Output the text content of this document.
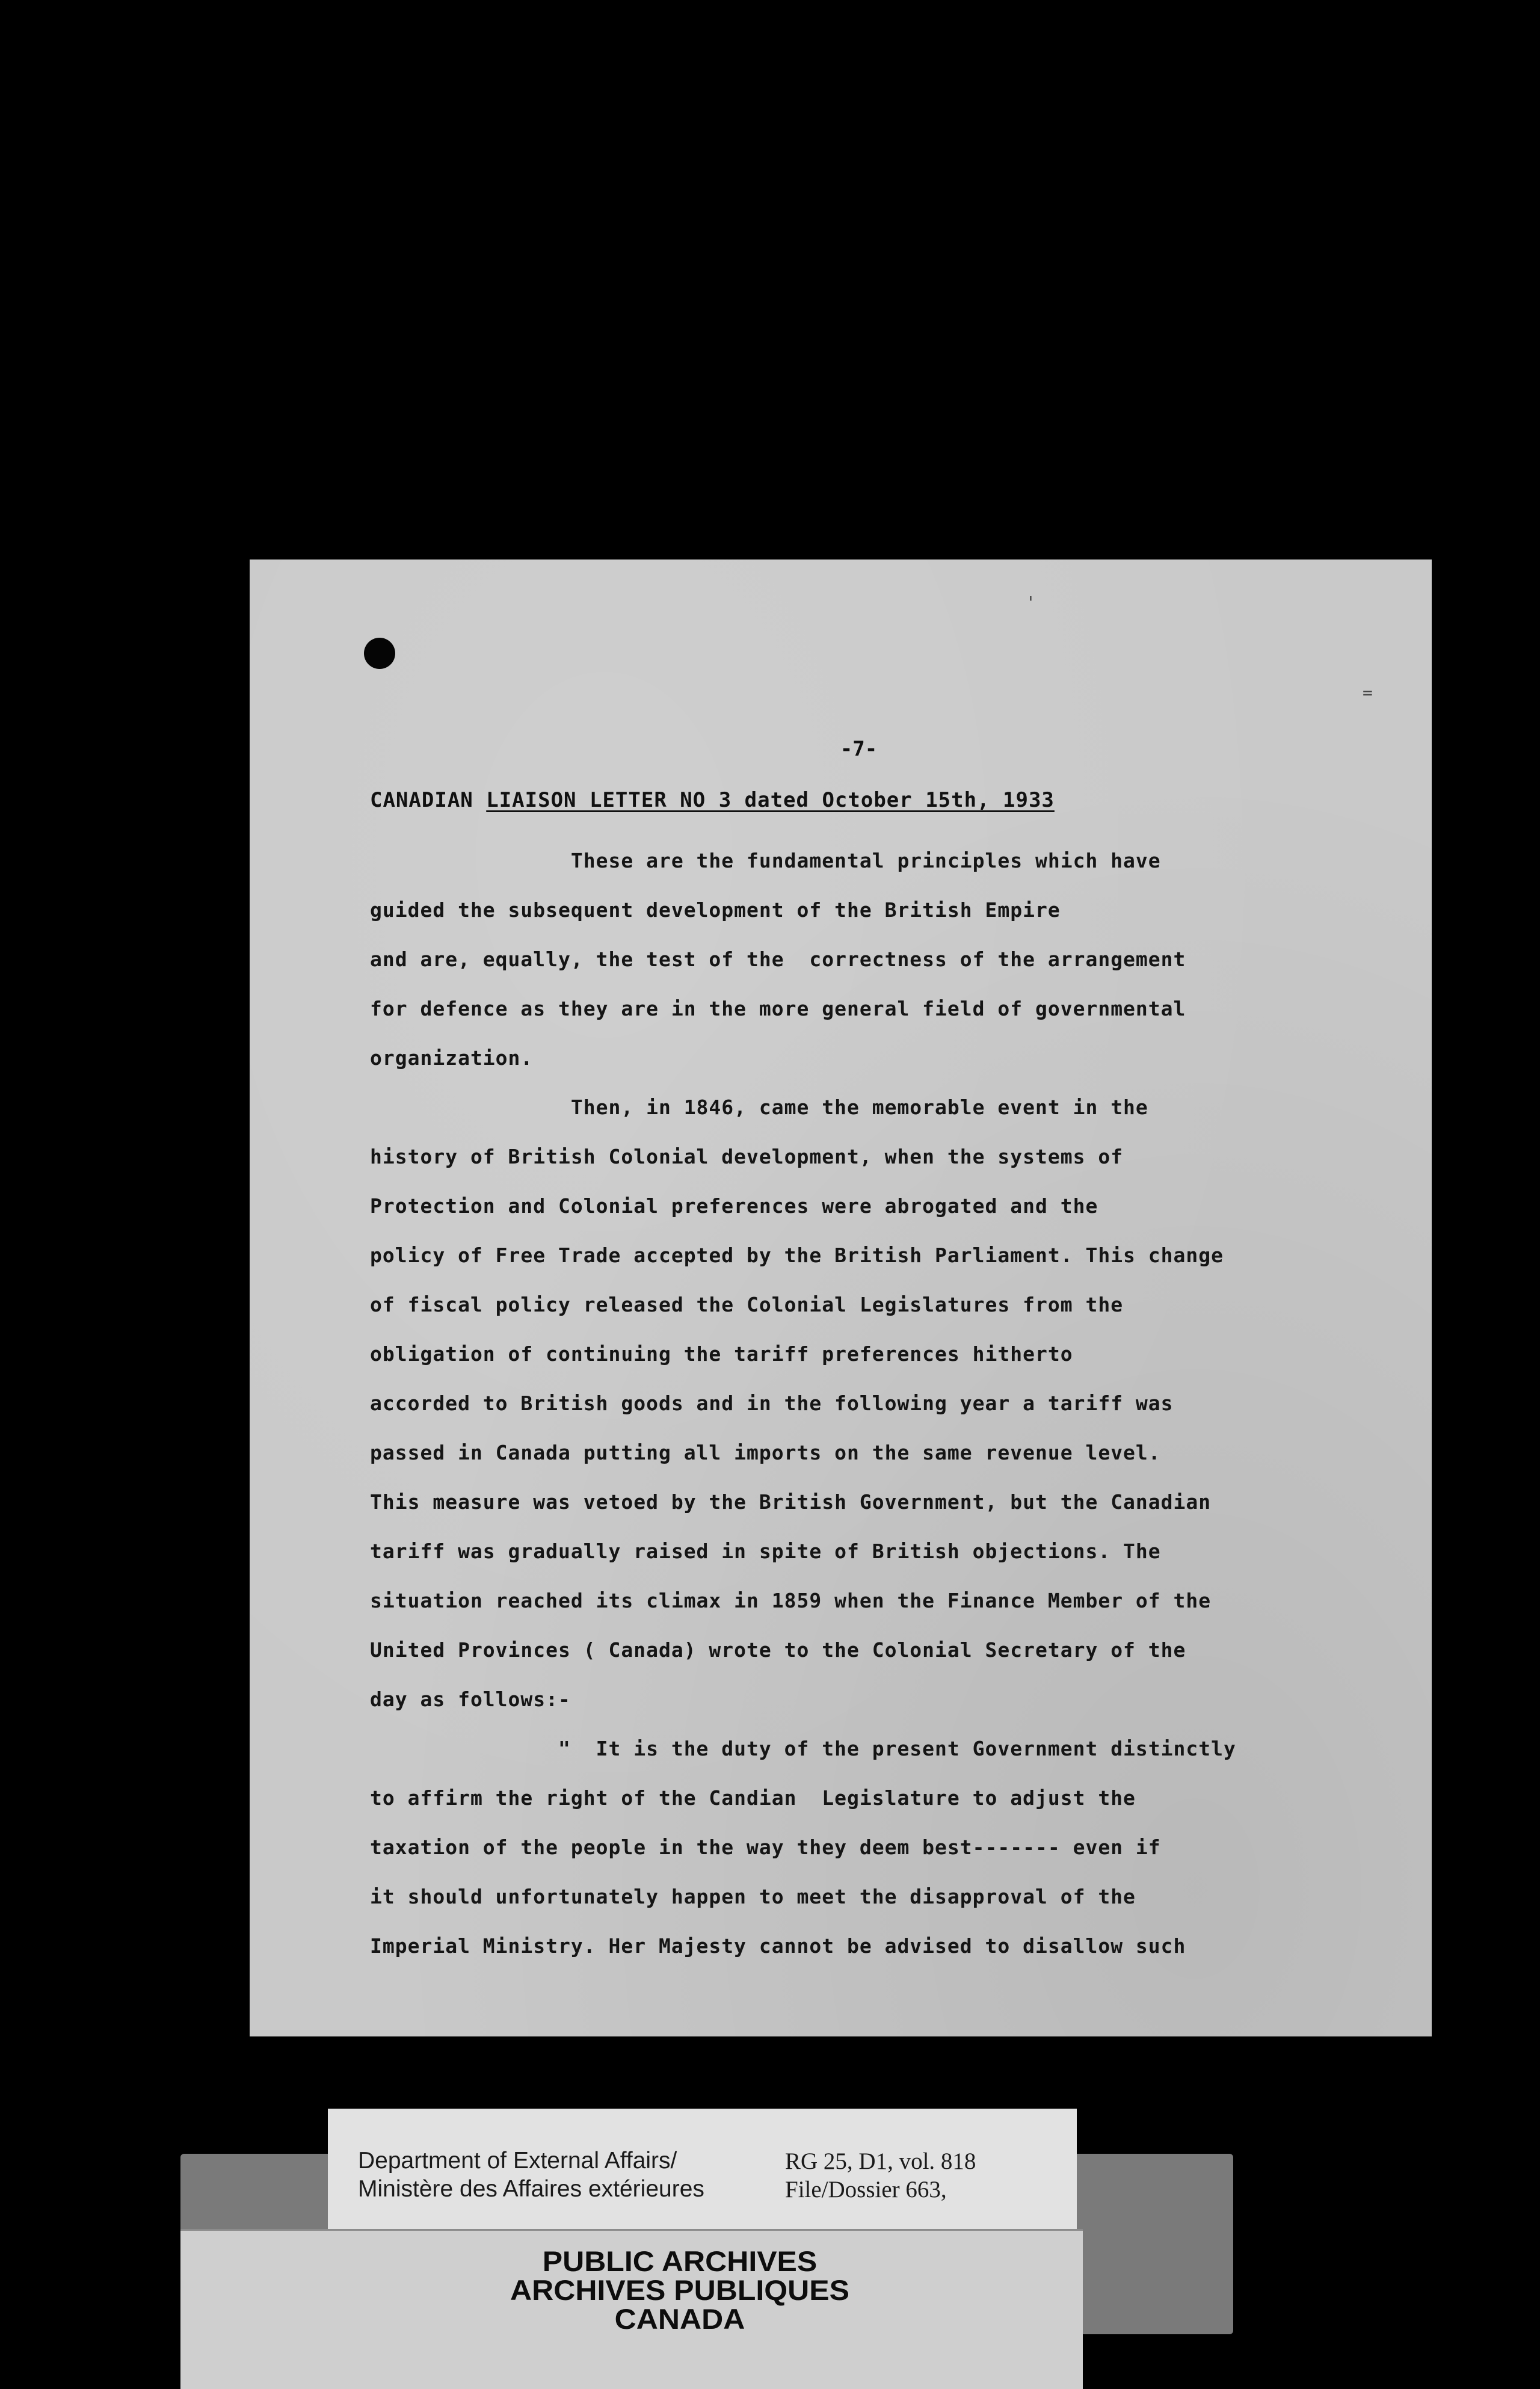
'
=
-7-
CANADIAN LIAISON LETTER NO 3 dated October 15th, 1933

These are the fundamental principles which have

guided the subsequent development of the British Empire

and are, equally, the test of the  correctness of the arrangement

for defence as they are in the more general field of governmental

organization.

Then, in 1846, came the memorable event in the

history of British Colonial development, when the systems of

Protection and Colonial preferences were abrogated and the

policy of Free Trade accepted by the British Parliament. This change

of fiscal policy released the Colonial Legislatures from the

obligation of continuing the tariff preferences hitherto

accorded to British goods and in the following year a tariff was

passed in Canada putting all imports on the same revenue level.

This measure was vetoed by the British Government, but the Canadian

tariff was gradually raised in spite of British objections. The

situation reached its climax in 1859 when the Finance Member of the

United Provinces ( Canada) wrote to the Colonial Secretary of the

day as follows:-

"  It is the duty of the present Government distinctly

to affirm the right of the Candian  Legislature to adjust the

taxation of the people in the way they deem best------- even if

it should unfortunately happen to meet the disapproval of the

Imperial Ministry. Her Majesty cannot be advised to disallow such

Department of External Affairs/
Ministère des Affaires extérieures
RG 25, D1, vol. 818
File/Dossier 663,
PUBLIC ARCHIVES
ARCHIVES PUBLIQUES
CANADA
